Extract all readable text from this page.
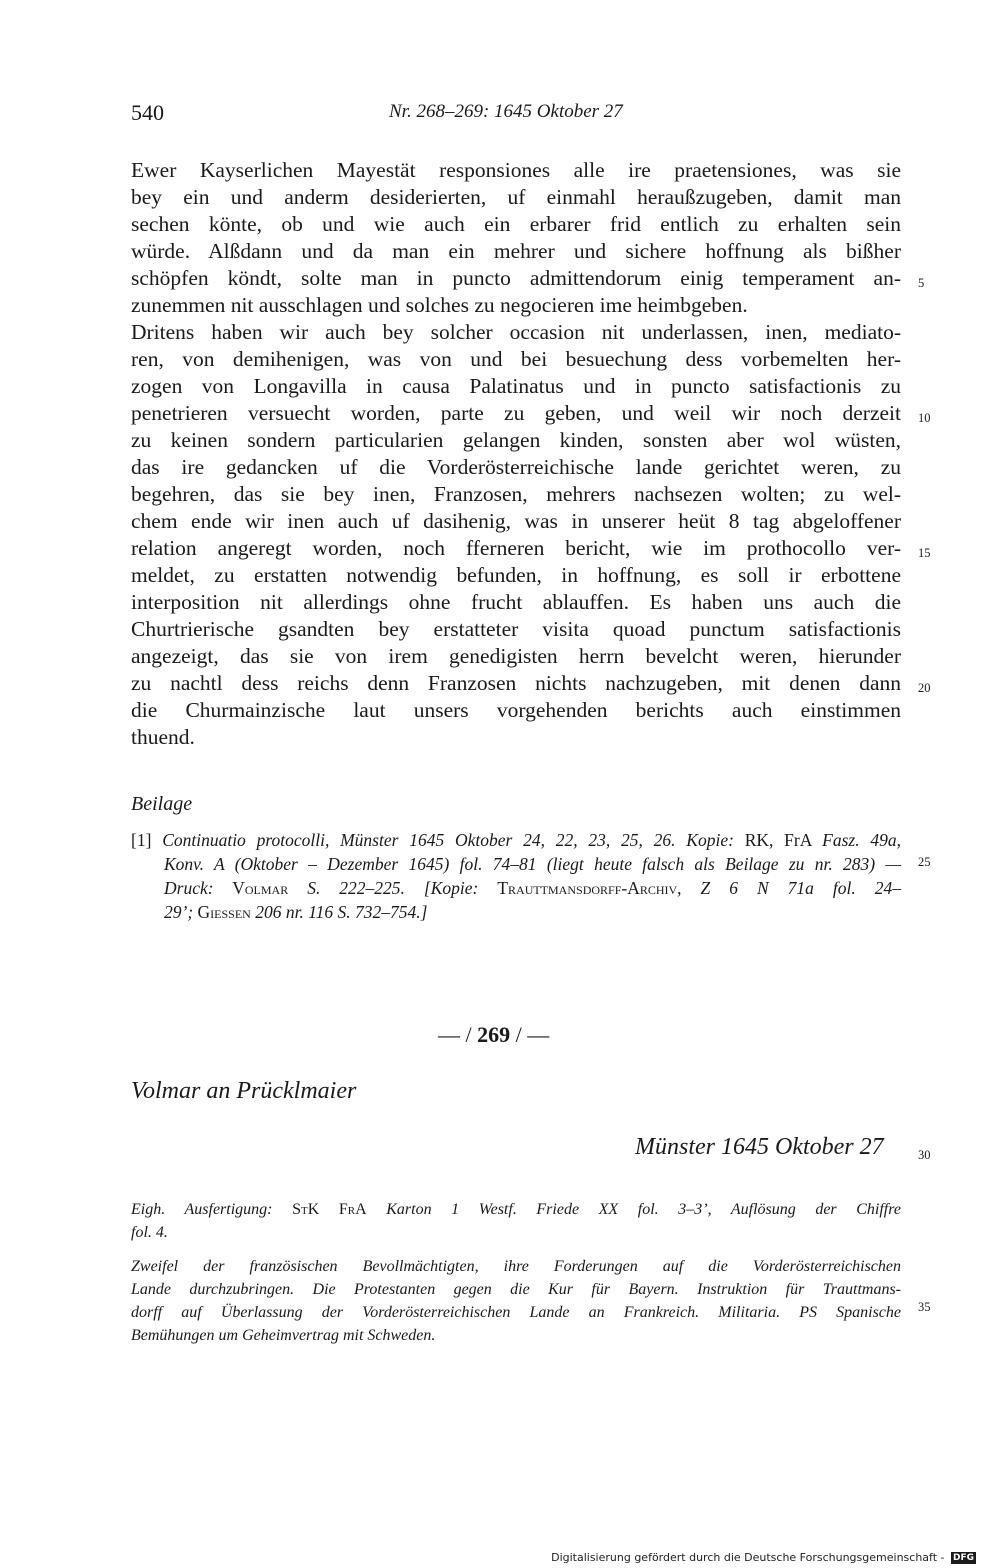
540	Nr. 268–269: 1645 Oktober 27
Ewer Kayserlichen Mayestät responsiones alle ire praetensiones, was sie
bey ein und anderm desiderierten, uf einmahl heraußzugeben, damit man
sechen könte, ob und wie auch ein erbarer frid entlich zu erhalten sein
würde. Alßdann und da man ein mehrer und sichere hoffnung als bißher
schöpfen köndt, solte man in puncto admittendorum einig temperament an-
zunemmen nit ausschlagen und solches zu negocieren ime heimbgeben.
Dritens haben wir auch bey solcher occasion nit underlassen, inen, mediato-
ren, von demihenigen, was von und bei besuechung dess vorbemelten her-
zogen von Longavilla in causa Palatinatus und in puncto satisfactionis zu
penetrieren versuecht worden, parte zu geben, und weil wir noch derzeit
zu keinen sondern particularien gelangen kinden, sonsten aber wol wüsten,
das ire gedancken uf die Vorderösterreichische lande gerichtet weren, zu
begehren, das sie bey inen, Franzosen, mehrers nachsezen wolten; zu wel-
chem ende wir inen auch uf dasihenig, was in unserer heüt 8 tag abgeloffener
relation angeregt worden, noch fferneren bericht, wie im prothocollo ver-
meldet, zu erstatten notwendig befunden, in hoffnung, es soll ir erbottene
interposition nit allerdings ohne frucht ablauffen. Es haben uns auch die
Churtrierische gsandten bey erstatteter visita quoad punctum satisfactionis
angezeigt, das sie von irem genedigisten herrn bevelcht weren, hierunder
zu nachtl dess reichs denn Franzosen nichts nachzugeben, mit denen dann
die Churmainzische laut unsers vorgehenden berichts auch einstimmen
thuend.
5
10
15
20
25
30
35
Beilage
[1] Continuatio protocolli, Münster 1645 Oktober 24, 22, 23, 25, 26. Kopie: RK, FrA Fasz. 49a,
Konv. A (Oktober – Dezember 1645) fol. 74–81 (liegt heute falsch als Beilage zu nr. 283) —
Druck: Volmar S. 222–225. [Kopie: Trauttmansdorff-Archiv, Z 6 N 71a fol. 24–
29’; Giessen 206 nr. 116 S. 732–754.]
— / 269 / —
Volmar an Prücklmaier
Münster 1645 Oktober 27
Eigh. Ausfertigung: StK FrA Karton 1 Westf. Friede XX fol. 3–3’, Auflösung der Chiffre
fol. 4.
Zweifel der französischen Bevollmächtigten, ihre Forderungen auf die Vorderösterreichischen
Lande durchzubringen. Die Protestanten gegen die Kur für Bayern. Instruktion für Trauttmans-
dorff auf Überlassung der Vorderösterreichischen Lande an Frankreich. Militaria. PS Spanische
Bemühungen um Geheimvertrag mit Schweden.
Digitalisierung gefördert durch die Deutsche Forschungsgemeinschaft - DFG
